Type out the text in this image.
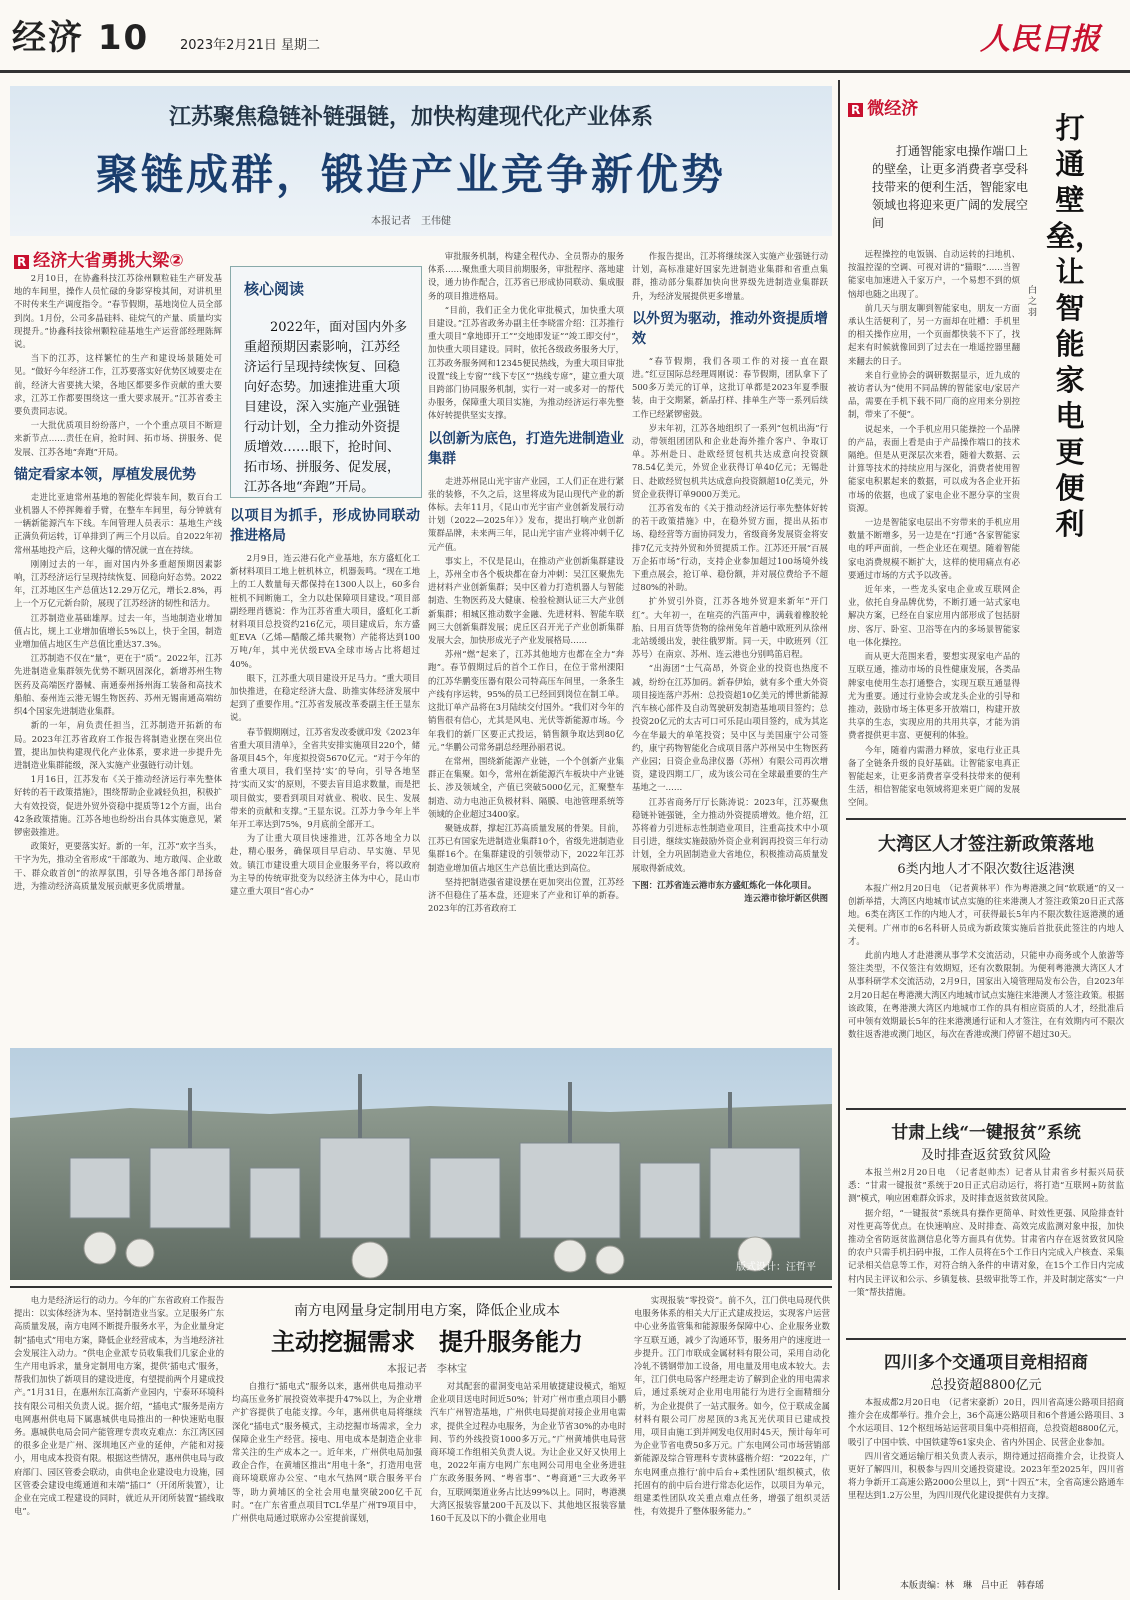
经济 10 2023年2月21日 星期二	人民日报
江苏聚焦稳链补链强链，加快构建现代化产业体系
聚链成群，锻造产业竞争新优势
本报记者　王伟健
R 经济大省勇挑大梁②

2月10日，在协鑫科技江苏徐州颗粒硅生产研发基地的车间里，操作人员忙碌的身影穿梭其间，对讲机里不时传来生产调度指令。“春节假期，基地岗位人员全部到岗。1月份，公司多晶硅料、硅烷气的产量、质量均实现提升。”协鑫科技徐州颗粒硅基地生产运营部经理陈辉说。

当下的江苏，这样繁忙的生产和建设场景随处可见。“做好今年经济工作，江苏要落实好优势区域要走在前，经济大省要挑大梁，各地区都要多作贡献的重大要求，江苏工作都要围绕这一重大要求展开。”江苏省委主要负责同志说。

一大批优质项目纷纷落户，一个个重点项目不断迎来新节点……责任在肩，抢时间、拓市场、拼服务、促发展、江苏各地“奔跑”开局。

锚定看家本领，厚植发展优势

走进比亚迪常州基地的智能化焊装车间，数百台工业机器人不停挥舞着手臂，在整车车间里，每分钟就有一辆新能源汽车下线。车间管理人员表示：基地生产线正满负荷运转，订单排到了两三个月以后。自2022年初常州基地投产后，这种火爆的情况就一直在持续。

刚刚过去的一年，面对国内外多重超预期因素影响，江苏经济运行呈现持续恢复、回稳向好态势。2022年，江苏地区生产总值达12.29万亿元，增长2.8%，再上一个万亿元新台阶，展现了江苏经济的韧性和活力。

江苏制造业基础雄厚。过去一年，当地制造业增加值占比，规上工业增加值增长5%以上，快于全国，制造业增加值占地区生产总值比重达37.3%。

江苏制造不仅在“量”，更在于“质”。2022年，江苏先进制造业集群领先优势不断巩固深化，新增苏州生物医药及高端医疗器械、南通泰州扬州海工装备和高技术船舶、泰州连云港无锡生物医药、苏州无锡南通高端纺织4个国家先进制造业集群。

新的一年，肩负责任担当，江苏制造开拓新的布局。2023年江苏省政府工作报告将制造业摆在突出位置，提出加快构建现代化产业体系，要求进一步提升先进制造业集群能级，深入实施产业强链行动计划。

1月16日，江苏发布《关于推动经济运行率先整体好转的若干政策措施》，围绕帮助企业减轻负担，积极扩大有效投资，促进外贸外资稳中提质等12个方面，出台42条政策措施。江苏各地也纷纷出台具体实施意见，紧锣密鼓推进。

政策好，更要落实好。新的一年，江苏“欢字当头，干字为先，推动全省形成“干部敢为、地方敢闯、企业敢干、群众敢首创”的浓厚氛围，引导各地各部门昂扬奋进，为推动经济高质量发展贡献更多优质增量。

核心阅读
2022年，面对国内外多重超预期因素影响，江苏经济运行呈现持续恢复、回稳向好态势。加速推进重大项目建设，深入实施产业强链行动计划，全力推动外资提质增效……眼下，抢时间、拓市场、拼服务、促发展，江苏各地“奔跑”开局。
以项目为抓手，形成协同联动推进格局

2月9日，连云港石化产业基地，东方盛虹化工新材料项目工地上桩机林立，机器轰鸣。“现在工地上的工人数量每天都保持在1300人以上，60多台桩机不间断施工，全力以赴保障项目建设。”项目部副经理肖德说：作为江苏省重大项目，盛虹化工新材料项目总投资约216亿元，项目建成后，东方盛虹EVA（乙烯—醋酸乙烯共聚物）产能将达到100万吨/年，其中光伏级EVA全球市场占比将超过40%。

眼下，江苏重大项目建设开足马力。“重大项目加快推进，在稳定经济大盘、助推实体经济发展中起到了重要作用。”江苏省发展改革委副主任王显东说。

春节假期刚过，江苏省发改委就印发《2023年省重大项目清单》，全省共安排实施项目220个，储备项目45个，年度拟投资5670亿元。“对于今年的省重大项目，我们坚持‘实’的导向，引导各地坚持‘实而又实’的原则，不要去盲目追求数量，而是把项目做实，要看到项目对就业、税收、民生、发展带来的贡献和支撑。”王显东说。江苏力争今年上半年开工率达到75%，9月底前全部开工。

为了让重大项目快速推进，江苏各地全力以赴，精心服务，确保项目早启动、早实施、早见效。镇江市建设重大项目企业服务平台，将以政府为主导的传统审批变为以经济主体为中心，昆山市建立重大项目“省心办”

审批服务机制，构建全程代办、全员帮办的服务体系……聚焦重大项目前期服务，审批程序、落地建设，通力协作配合，江苏省已形成协同联动、集成服务的项目推进格局。

“目前，我们正全力优化审批模式，加快重大项目建设。”江苏省政务办副主任李晓雷介绍：江苏推行重大项目“拿地即开工”“交地即发证”“竣工即交付”，加快重大项目建设。同时，依托各级政务服务大厅，江苏政务服务网和12345便民热线，为重大项目审批设置“线上专窗”“线下专区”“热线专席”，建立重大项目跨部门协同服务机制，实行一对一或多对一的帮代办服务，保障重大项目实施，为推动经济运行率先整体好转提供坚实支撑。

以创新为底色，打造先进制造业集群

走进苏州昆山光宇宙产业园，工人们正在进行紧张的装修，不久之后，这里将成为昆山现代产业的新体标。去年11月，《昆山市光宇宙产业创新发展行动计划（2022—2025年）》发布，提出打响产业创新策群品牌，未来两三年，昆山光宇宙产业将冲刺千亿元产值。

事实上，不仅是昆山，在推动产业创新集群建设上，苏州全市各个板块都在奋力冲刺：吴江区聚焦先进材料产业创新集群；吴中区着力打造机器人与智能制造、生物医药及大健康、检验检测认证三大产业创新集群；相城区推动数字金融、先进材料、智能车联网三大创新集群发展；虎丘区召开光子产业创新集群发展大会，加快形成光子产业发展格局……

苏州“燃”起来了，江苏其他地方也都在全力“奔跑”。春节假期过后的首个工作日，在位于常州溧阳的江苏华鹏变压器有限公司特高压车间里，一条条生产线有序运转，95%的员工已经回到岗位在制工单。这批订单产品将在3月陆续交付国外。“我们对今年的销售很有信心，尤其是风电、光伏等新能源市场。今年我们的新厂区要正式投运，销售额争取达到80亿元。”华鹏公司常务副总经理孙丽君说。

在常州，围绕新能源产业链，一个个创新产业集群正在集聚。如今，常州在新能源汽车板块中产业链长、涉及领域全，产值已突破5000亿元，汇聚整车制造、动力电池正负极材料、隔膜、电池管理系统等领域的企业超过3400家。

聚链成群，撑起江苏高质量发展的骨架。目前，江苏已有国家先进制造业集群10个，省级先进制造业集群16个。在集群建设的引领带动下，2022年江苏制造业增加值占地区生产总值比重达到高位。

坚持把制造强省建设摆在更加突出位置，江苏经济不但稳住了基本盘，还迎来了产业和订单的新春。2023年的江苏省政府工

作报告提出，江苏将继续深入实施产业强链行动计划，高标准建好国家先进制造业集群和省重点集群，推动部分集群加快向世界级先进制造业集群跃升，为经济发展提供更多增量。

以外贸为驱动，推动外资提质增效

“春节假期，我们各项工作的对接一直在跟进。”红豆国际总经理周刚说：春节假期，团队拿下了500多万美元的订单，这批订单都是2023年夏季服装，由于交期紧，新品打样、排单生产等一系列后续工作已经紧锣密鼓。

岁末年初，江苏各地组织了一系列“包机出海”行动，带领组团团队和企业赴海外推介客户、争取订单。苏州赴日、赴欧经贸包机共达成意向投资额78.54亿美元，外贸企业获得订单40亿元；无锡赴日、赴欧经贸包机共达成意向投资额超10亿美元，外贸企业获得订单9000万美元。

江苏省发布的《关于推动经济运行率先整体好转的若干政策措施》中，在稳外贸方面，提出从拓市场、稳经营等方面协同发力，省级商务发展资金将安排7亿元支持外贸和外贸提质工作。江苏还开展“百展万企拓市场”行动，支持企业参加超过100场境外线下重点展会，抢订单、稳份额，并对展位费给予不超过80%的补助。

扩外贸引外资，江苏各地外贸迎来新年“开门红”。大年初一，在喧亮的汽笛声中，满载着橡胶轮胎、日用百货等货物的徐州兔年首趟中欧班列从徐州北站缓缓出发，驶往俄罗斯。同一天，中欧班列（江苏号）在南京、苏州、连云港也分别鸣笛启程。

“出海团”士气高昂，外资企业的投资也热度不减，纷纷在江苏加码。新春伊始，就有多个重大外资项目接连落户苏州：总投资超10亿美元的博世新能源汽车核心部件及自动驾驶研发制造基地项目签约；总投资20亿元的太古可口可乐昆山项目签约，成为其迄今在华最大的单笔投资；吴中区与美国康宁公司签约，康宁药物智能化合成项目落户苏州吴中生物医药产业园；日资企业岛津仪器（苏州）有限公司再次增资，建设四期工厂，成为该公司在全球最重要的生产基地之一……

江苏省商务厅厅长陈涛说：2023年，江苏聚焦稳链补链强链，全力推动外资提质增效。他介绍，江苏将着力引进标志性制造业项目，注重高技术中小项目引进，继续实施鼓励外资企业利润再投资三年行动计划，全力巩固制造业大省地位，积极推动高质量发展取得新成效。

下图：江苏省连云港市东方盛虹炼化一体化项目。
连云港市徐圩新区供图
版式设计：汪哲平
R 微经济
打通智能家电操作端口上的壁垒，让更多消费者享受科技带来的便利生活，智能家电领域也将迎来更广阔的发展空间
打通壁垒，让智能家电更便利
白之羽

远程操控的电饭锅、自动运转的扫地机、按温控湿的空调、可视对讲的“猫眼”……当智能家电加速进入千家万户，一个易想不到的烦恼却也随之出现了。

前几天与朋友聊到智能家电，朋友一方面承认生活便利了，另一方面却在吐槽：手机里的相关操作应用，一个页面都快装不下了，找起来有时候就像回到了过去在一堆遥控器里翻来翻去的日子。

来自行业协会的调研数据显示，近九成的被访者认为“使用不同品牌的智能家电/家居产品，需要在手机下载不同厂商的应用来分别控制，带来了不便”。

说起来，一个手机应用只能操控一个品牌的产品，表面上看是由于产品操作端口的技术隔绝。但是从更深层次来看，随着大数据、云计算等技术的持续应用与深化，消费者使用智能家电积累起来的数据，可以成为各企业开拓市场的依据，也成了家电企业不愿分享的宝贵资源。

一边是智能家电层出不穷带来的手机应用数量不断增多，另一边是在“打通”各家智能家电的呼声面前，一些企业还在观望。随着智能家电消费规模不断扩大，这样的使用痛点有必要通过市场的方式予以改善。

近年来，一些龙头家电企业或互联网企业，依托自身品牌优势，不断打通一站式家电解决方案，已经在自家应用内部形成了包括厨房、客厅、卧室、卫浴等在内的多场景智能家电一体化操控。

而从更大范围来看，要想实现家电产品的互联互通，推动市场的良性健康发展，各类品牌家电使用生态打通整合，实现互联互通显得尤为重要。通过行业协会或龙头企业的引导和推动，鼓励市场主体更多开放端口，构建开放共享的生态，实现应用的共用共享，才能为消费者提供更丰富、更便利的体验。

今年，随着内需潜力释放，家电行业正具备了全链条升级的良好基础。让智能家电真正智能起来，让更多消费者享受科技带来的便利生活，相信智能家电领域将迎来更广阔的发展空间。

大湾区人才签注新政策落地
6类内地人才不限次数往返港澳

本报广州2月20日电　（记者黄林平）作为粤港澳之间“软联通”的又一创新举措，大湾区内地城市试点实施的往来港澳人才签注政策20日正式落地。6类在湾区工作的内地人才，可获得最长5年内不限次数往返港澳的通关便利。广州市的6名科研人员成为新政策实施后首批获此签注的内地人才。

此前内地人才赴港澳从事学术交流活动，只能申办商务或个人旅游等签注类型，不仅签注有效期短，还有次数限制。为便利粤港澳大湾区人才从事科研学术交流活动，2月9日，国家出入境管理局发布公告，自2023年2月20日起在粤港澳大湾区内地城市试点实施往来港澳人才签注政策。根据该政策，在粤港澳大湾区内地城市工作的具有相应资质的人才，经批准后可申领有效期最长5年的往来港澳通行证和人才签注，在有效期内可不限次数往返香港或澳门地区，每次在香港或澳门停留不超过30天。

甘肃上线“一键报贫”系统
及时排查返贫致贫风险

本报兰州2月20日电　（记者赵帅杰）记者从甘肃省乡村振兴局获悉：“甘肃一键报贫”系统于20日正式启动运行，将打造“互联网+防贫监测”模式，响应困难群众诉求，及时排查返贫致贫风险。

据介绍，“一键报贫”系统具有操作更简单、时效性更强、风险排查针对性更高等优点。在快速响应、及时排查、高效完成监测对象申报，加快推动全省防返贫监测信息化等方面具有优势。甘肃省内存在返贫致贫风险的农户只需手机扫码申报，工作人员将在5个工作日内完成入户核查、采集记录相关信息等工作，对符合纳入条件的申请对象，在15个工作日内完成村内民主评议和公示、乡镇复核、县级审批等工作，并及时制定落实“一户一策”帮扶措施。

四川多个交通项目竞相招商
总投资超8800亿元

本报成都2月20日电　（记者宋豪新）20日，四川省高速公路项目招商推介会在成都举行。推介会上，36个高速公路项目和6个普通公路项目、3个水运项目、12个枢纽场站运营项目集中亮相招商，总投资超8800亿元，吸引了中国中铁、中国铁建等61家央企、省内外国企、民营企业参加。

四川省交通运输厅相关负责人表示，期待通过招商推介会，让投资人更好了解四川，积极参与四川交通投资建设。2023年至2025年，四川省将力争新开工高速公路2000公里以上，到“十四五”末，全省高速公路通车里程达到1.2万公里，为四川现代化建设提供有力支撑。

本版责编：林　琳　吕中正　韩春瑶
电力是经济运行的动力。今年的广东省政府工作报告提出：以实体经济为本、坚持制造业当家。立足服务广东高质量发展，南方电网不断提升服务水平，为企业量身定制“插电式”用电方案，降低企业经营成本，为当地经济社会发展注入动力。“供电企业派专员收集我们几家企业的生产用电诉求，量身定制用电方案，提供‘插电式’服务，帮我们加快了新项目的建设进度，有望提前两个月建成投产。”1月31日，在惠州东江高新产业园内，宁泰环环境科技有限公司相关负责人说。据介绍，“插电式”服务是南方电网惠州供电局下属惠城供电局推出的一种快速贴电服务。惠城供电局会同产能管理专责攻克难点：东江湾区园的很多企业是广州、深圳地区产业的延伸，产能和对接小，用电成本投资有限。根据这些情况，惠州供电局与政府部门、园区管委会联动，由供电企业建设电力设施，园区管委会建设电缆通道和末端“插口”（开闭所装置），让企业在完成工程建设的同时，就近从开闭所装置“插线取电”。
南方电网量身定制用电方案，降低企业成本
主动挖掘需求　提升服务能力
本报记者　李林宝
自推行“插电式”服务以来，惠州供电局推动平均高压业务扩展投资效率提升47%以上，为企业增产扩容提供了电能支撑。今年，惠州供电局将继续深化“插电式”服务模式，主动挖掘市场需求，全力保障企业生产经营。接电、用电成本是制造企业非常关注的生产成本之一。近年来，广州供电局加强政企合作，在黄埔区推出“用电十条”，打造用电营商环境联席办公室、“电水气热网”联合服务平台等，助力黄埔区的全社会用电量突破200亿千瓦时。“在广东省重点项目TCL华星广州T9项目中，广州供电局通过联席办公室提前谋划，
对其配套的翟洞变电站采用敏捷建设模式，缩短企业项目送电时间近50%；针对广州市重点项目小鹏汽车广州智造基地，广州供电局提前对接企业用电需求，提供全过程办电服务，为企业节省30%的办电时间、节约外线投资1000多万元。”广州黄埔供电局营商环境工作组相关负责人说。为让企业又好又快用上电，2022年南方电网广东电网公司用电全业务进驻广东政务服务网、“粤省事”、“粤商通”三大政务平台，互联网渠道业务占比达99%以上。同时，粤港澳大湾区报装容量200千瓦及以下、其他地区报装容量160千瓦及以下的小微企业用电
实现报装“零投资”。前不久，江门供电局现代供电服务体系的相关大厅正式建成投运，实现客户运营中心业务监管集和能源服务保障中心、企业服务业数字互联互通，减少了沟通环节，服务用户的速度进一步提升。江门市联成金属材料有限公司，采用自动化冷轧不锈钢带加工设备，用电量及用电成本较大。去年，江门供电局客户经理走访了解到企业的用电需求后，通过系统对企业用电用能行为进行全面精细分析，为企业提供了一站式服务。如今，位于联成金属材料有限公司厂房屋顶的3兆瓦光伏项目已建成投用，项目由施工到并网发电仅用时45天，预计每年可为企业节省电费50多万元。广东电网公司市场营销部新能源及综合管理科专责林盛楷介绍：“2022年，广东电网重点推行‘前中后台+柔性团队’组织模式，依托固有的前中后台进行常态化运作，以项目为单元，组建柔性团队攻关重点难点任务，增强了组织灵活性，有效提升了整体服务能力。”
